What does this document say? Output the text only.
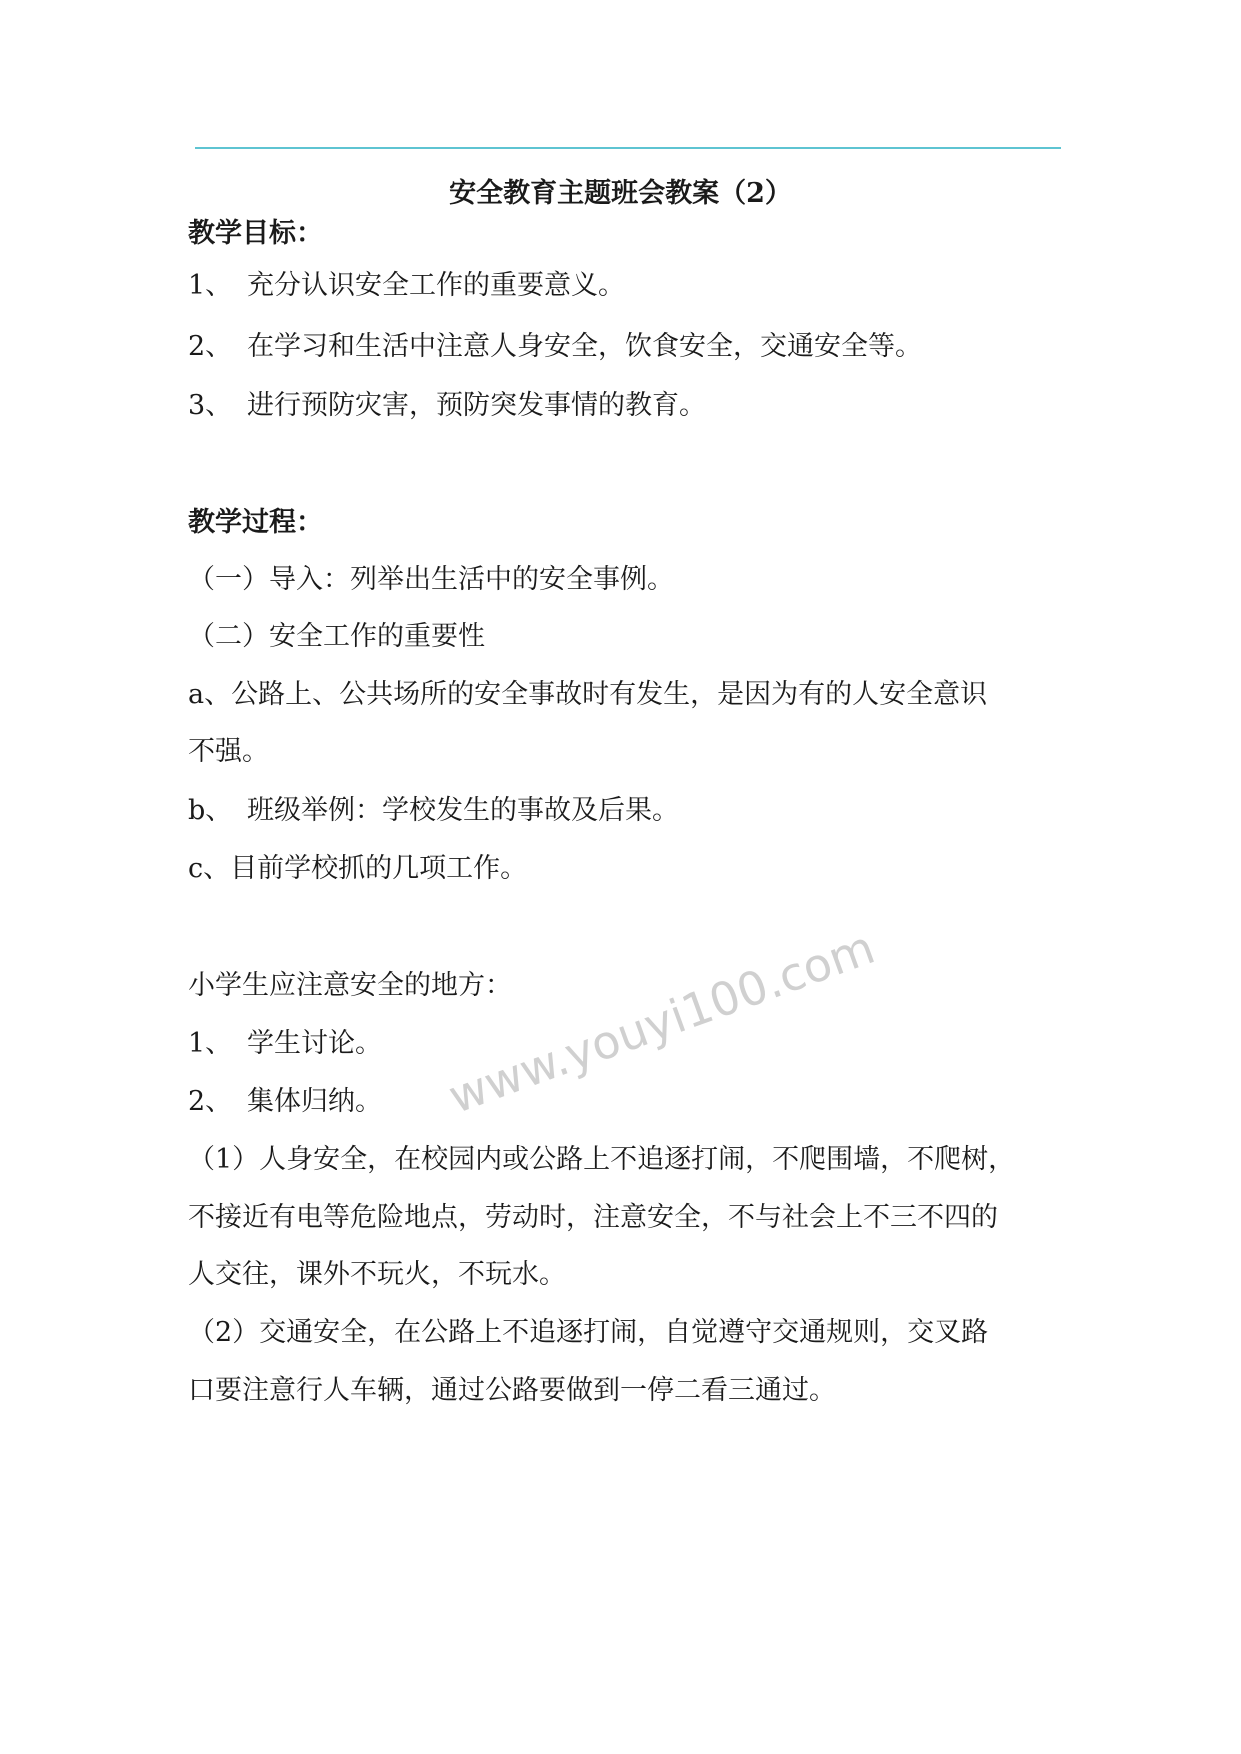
安全教育主题班会教案（2）
教学目标：
1、 充分认识安全工作的重要意义。
2、 在学习和生活中注意人身安全，饮食安全，交通安全等。
3、 进行预防灾害，预防突发事情的教育。
教学过程：
（一）导入：列举出生活中的安全事例。
（二）安全工作的重要性
a、公路上、公共场所的安全事故时有发生，是因为有的人安全意识
不强。
b、 班级举例：学校发生的事故及后果。
c、目前学校抓的几项工作。
小学生应注意安全的地方：
1、 学生讨论。
2、 集体归纳。
（1）人身安全，在校园内或公路上不追逐打闹，不爬围墙，不爬树，
不接近有电等危险地点，劳动时，注意安全，不与社会上不三不四的
人交往，课外不玩火，不玩水。
（2）交通安全，在公路上不追逐打闹，自觉遵守交通规则，交叉路
口要注意行人车辆，通过公路要做到一停二看三通过。
www.youyi100.com
